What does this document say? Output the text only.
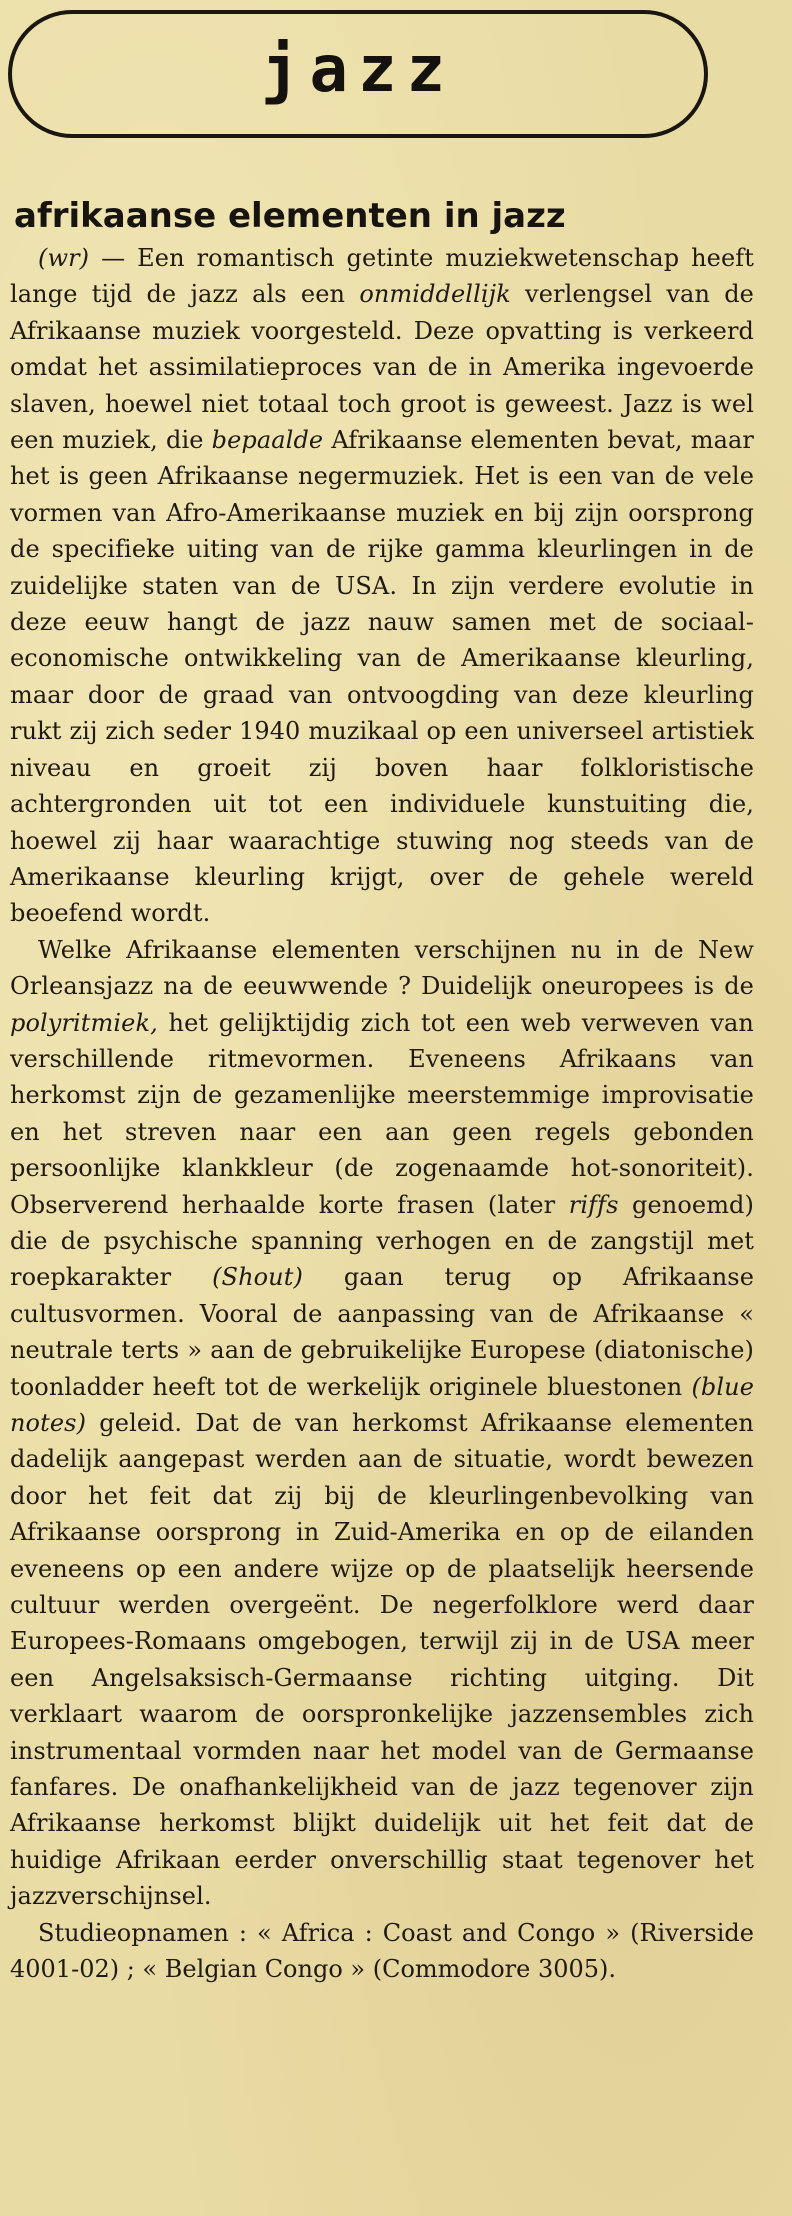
jazz
afrikaanse elementen in jazz

(wr) — Een romantisch getinte muziekwetenschap heeft lange tijd de jazz als een onmiddellijk verlengsel van de Afrikaanse muziek voorgesteld. Deze opvatting is verkeerd omdat het assimilatieproces van de in Amerika ingevoerde slaven, hoewel niet totaal toch groot is geweest. Jazz is wel een muziek, die bepaalde Afrikaanse elementen bevat, maar het is geen Afrikaanse negermuziek. Het is een van de vele vormen van Afro-Amerikaanse muziek en bij zijn oorsprong de specifieke uiting van de rijke gamma kleurlingen in de zuidelijke staten van de USA. In zijn verdere evolutie in deze eeuw hangt de jazz nauw samen met de sociaal-economische ontwikkeling van de Amerikaanse kleurling, maar door de graad van ontvoogding van deze kleurling rukt zij zich seder 1940 muzikaal op een universeel artistiek niveau en groeit zij boven haar folkloristische achtergronden uit tot een individuele kunstuiting die, hoewel zij haar waarachtige stuwing nog steeds van de Amerikaanse kleurling krijgt, over de gehele wereld beoefend wordt.

Welke Afrikaanse elementen verschijnen nu in de New Orleansjazz na de eeuwwende ? Duidelijk oneuropees is de polyritmiek, het gelijktijdig zich tot een web verweven van verschillende ritmevormen. Eveneens Afrikaans van herkomst zijn de gezamenlijke meerstemmige improvisatie en het streven naar een aan geen regels gebonden persoonlijke klankkleur (de zogenaamde hot-sonoriteit). Observerend herhaalde korte frasen (later riffs genoemd) die de psychische spanning verhogen en de zangstijl met roepkarakter (Shout) gaan terug op Afrikaanse cultusvormen. Vooral de aanpassing van de Afrikaanse « neutrale terts » aan de gebruikelijke Europese (diatonische) toonladder heeft tot de werkelijk originele bluestonen (blue notes) geleid. Dat de van herkomst Afrikaanse elementen dadelijk aangepast werden aan de situatie, wordt bewezen door het feit dat zij bij de kleurlingenbevolking van Afrikaanse oorsprong in Zuid-Amerika en op de eilanden eveneens op een andere wijze op de plaatselijk heersende cultuur werden overgeënt. De negerfolklore werd daar Europees-Romaans omgebogen, terwijl zij in de USA meer een Angelsaksisch-Germaanse richting uitging. Dit verklaart waarom de oorspronkelijke jazzensembles zich instrumentaal vormden naar het model van de Germaanse fanfares. De onafhankelijkheid van de jazz tegenover zijn Afrikaanse herkomst blijkt duidelijk uit het feit dat de huidige Afrikaan eerder onverschillig staat tegenover het jazzverschijnsel.

Studieopnamen : « Africa : Coast and Congo » (Riverside 4001-02) ; « Belgian Congo » (Commodore 3005).
